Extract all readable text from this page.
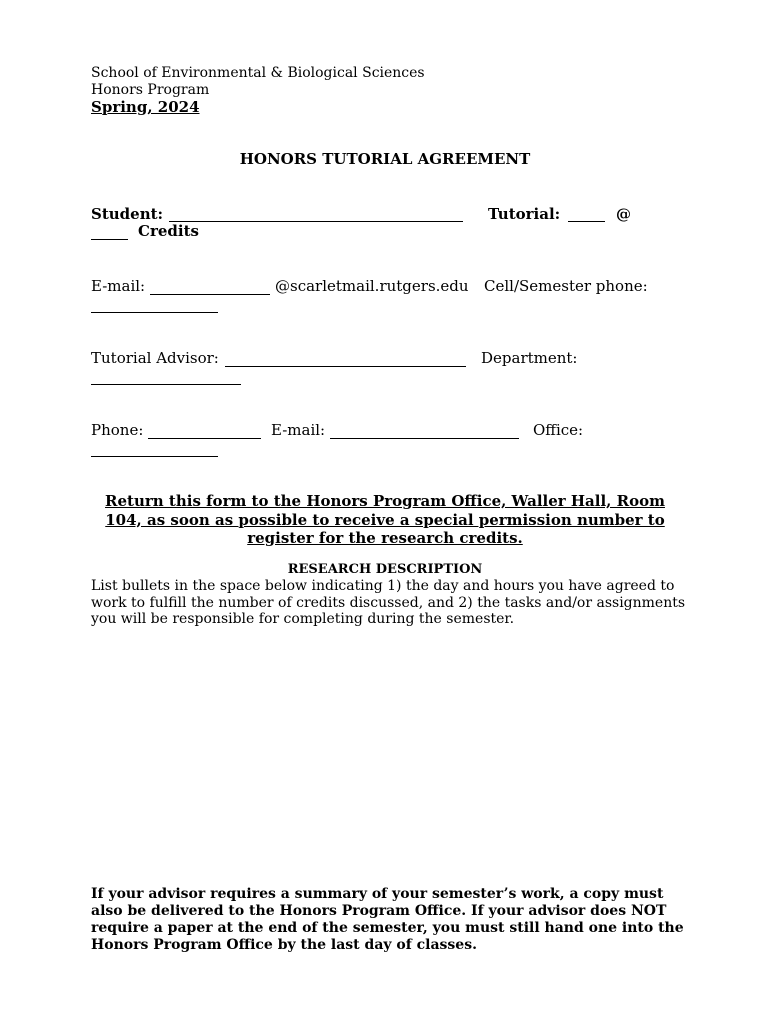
School of Environmental & Biological Sciences
Honors Program
Spring, 2024
HONORS TUTORIAL AGREEMENT
Student:	Tutorial:	@
Credits
E-mail:	@scarletmail.rutgers.edu Cell/Semester phone:
Tutorial Advisor:	Department:
Phone:	E-mail:	Office:
Return this form to the Honors Program Office, Waller Hall, Room 104, as soon as possible to receive a special permission number to register for the research credits.
RESEARCH DESCRIPTION
List bullets in the space below indicating 1) the day and hours you have agreed to work to fulfill the number of credits discussed, and 2) the tasks and/or assignments you will be responsible for completing during the semester.
If your advisor requires a summary of your semester’s work, a copy must also be delivered to the Honors Program Office. If your advisor does NOT require a paper at the end of the semester, you must still hand one into the Honors Program Office by the last day of classes.
